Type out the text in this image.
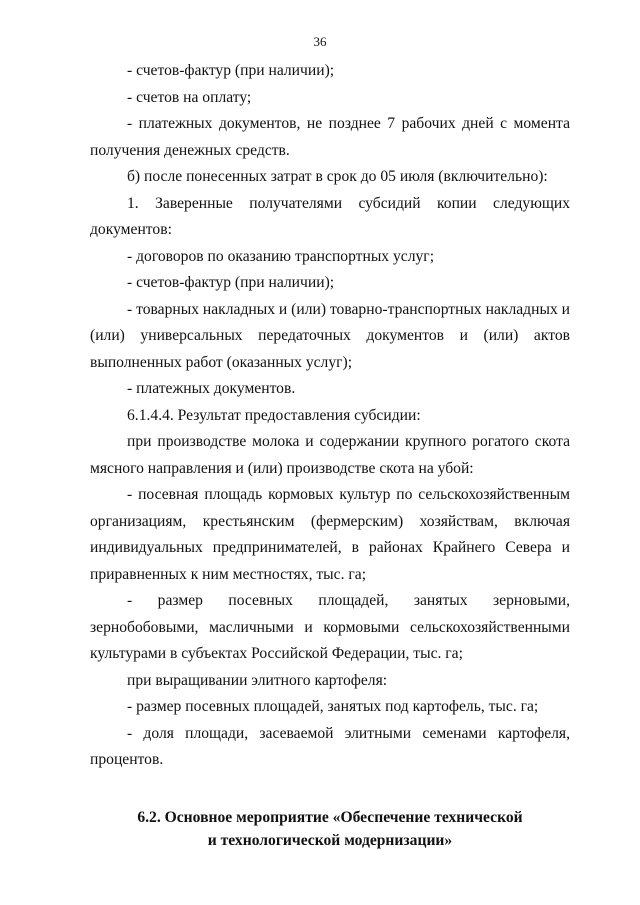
36

- счетов-фактур (при наличии);

- счетов на оплату;

- платежных документов, не позднее 7 рабочих дней с момента получения денежных средств.

б) после понесенных затрат в срок до 05 июля (включительно):

1. Заверенные получателями субсидий копии следующих документов:

- договоров по оказанию транспортных услуг;

- счетов-фактур (при наличии);

- товарных накладных и (или) товарно-транспортных накладных и (или) универсальных передаточных документов и (или) актов выполненных работ (оказанных услуг);

- платежных документов.

6.1.4.4. Результат предоставления субсидии:

при производстве молока и содержании крупного рогатого скота мясного направления и (или) производстве скота на убой:

- посевная площадь кормовых культур по сельскохозяйственным организациям, крестьянским (фермерским) хозяйствам, включая индивидуальных предпринимателей, в районах Крайнего Севера и приравненных к ним местностях, тыс. га;

- размер посевных площадей, занятых зерновыми, зернобобовыми, масличными и кормовыми сельскохозяйственными культурами в субъектах Российской Федерации, тыс. га;

при выращивании элитного картофеля:

- размер посевных площадей, занятых под картофель, тыс. га;

- доля площади, засеваемой элитными семенами картофеля, процентов.

6.2. Основное мероприятие «Обеспечение технической
и технологической модернизации»
